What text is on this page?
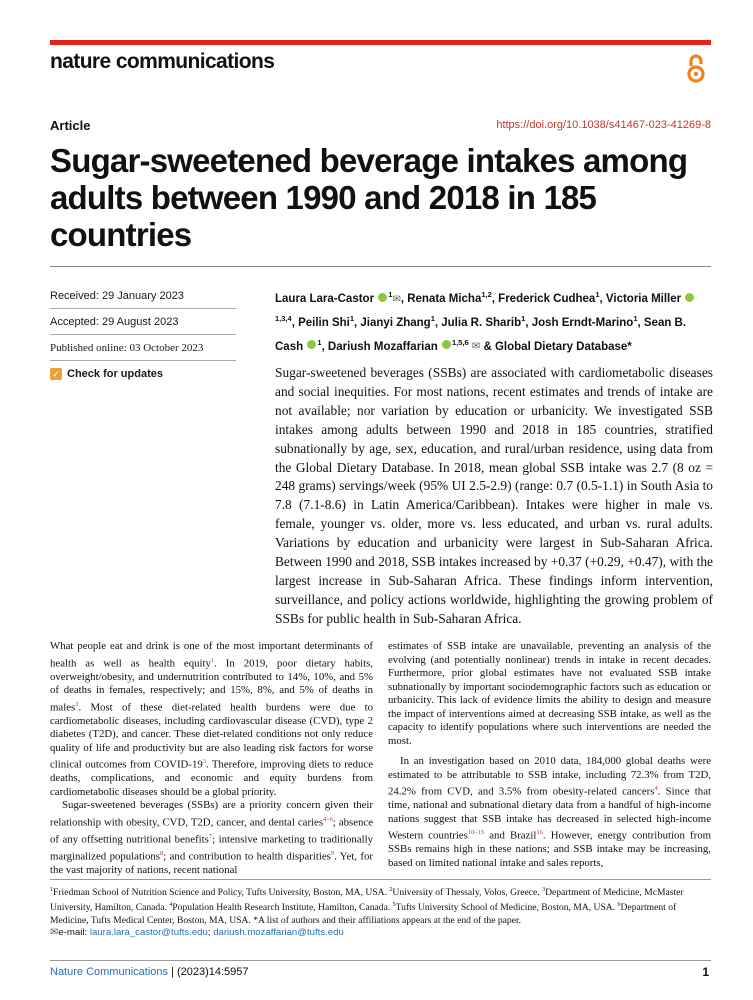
nature communications
Article	https://doi.org/10.1038/s41467-023-41269-8
Sugar-sweetened beverage intakes among adults between 1990 and 2018 in 185 countries
Received: 29 January 2023
Accepted: 29 August 2023
Published online: 03 October 2023
✓ Check for updates
Laura Lara-Castor $^1$✉, Renata Micha$^{1,2}$, Frederick Cudhea$^1$, Victoria Miller $^{1,3,4}$, Peilin Shi$^1$, Jianyi Zhang$^1$, Julia R. Sharib$^1$, Josh Erndt-Marino$^1$, Sean B. Cash $^1$, Dariush Mozaffarian $^{1,5,6}$ ✉ & Global Dietary Database*

Sugar-sweetened beverages (SSBs) are associated with cardiometabolic diseases and social inequities. For most nations, recent estimates and trends of intake are not available; nor variation by education or urbanicity. We investigated SSB intakes among adults between 1990 and 2018 in 185 countries, stratified subnationally by age, sex, education, and rural/urban residence, using data from the Global Dietary Database. In 2018, mean global SSB intake was 2.7 (8 oz = 248 grams) servings/week (95% UI 2.5-2.9) (range: 0.7 (0.5-1.1) in South Asia to 7.8 (7.1-8.6) in Latin America/Caribbean). Intakes were higher in male vs. female, younger vs. older, more vs. less educated, and urban vs. rural adults. Variations by education and urbanicity were largest in Sub-Saharan Africa. Between 1990 and 2018, SSB intakes increased by +0.37 (+0.29, +0.47), with the largest increase in Sub-Saharan Africa. These findings inform intervention, surveillance, and policy actions worldwide, highlighting the growing problem of SSBs for public health in Sub-Saharan Africa.

What people eat and drink is one of the most important determinants of health as well as health equity$^1$. In 2019, poor dietary habits, overweight/obesity, and undernutrition contributed to 14%, 10%, and 5% of deaths in females, respectively; and 15%, 8%, and 5% of deaths in males$^2$. Most of these diet-related health burdens were due to cardiometabolic diseases, including cardiovascular disease (CVD), type 2 diabetes (T2D), and cancer. These diet-related conditions not only reduce quality of life and productivity but are also leading risk factors for worse clinical outcomes from COVID-$19^3$. Therefore, improving diets to reduce deaths, complications, and economic and equity burdens from cardiometabolic diseases should be a global priority.

Sugar-sweetened beverages (SSBs) are a priority concern given their relationship with obesity, CVD, T2D, cancer, and dental caries$^{4-6}$; absence of any offsetting nutritional benefits$^7$; intensive marketing to traditionally marginalized populations$^8$; and contribution to health disparities$^9$. Yet, for the vast majority of nations, recent national

estimates of SSB intake are unavailable, preventing an analysis of the evolving (and potentially nonlinear) trends in intake in recent decades. Furthermore, prior global estimates have not evaluated SSB intake subnationally by important sociodemographic factors such as education or urbanicity. This lack of evidence limits the ability to design and measure the impact of interventions aimed at decreasing SSB intake, as well as the capacity to identify populations where such interventions are needed the most.

In an investigation based on 2010 data, 184,000 global deaths were estimated to be attributable to SSB intake, including 72.3% from T2D, 24.2% from CVD, and 3.5% from obesity-related cancers$^4$. Since that time, national and subnational dietary data from a handful of high-income nations suggest that SSB intake has decreased in selected high-income Western countries$^{10-15}$ and Brazil$^{16}$. However, energy contribution from SSBs remains high in these nations; and SSB intake may be increasing, based on limited national intake and sales reports,

$^1$Friedman School of Nutrition Science and Policy, Tufts University, Boston, MA, USA. $^2$University of Thessaly, Volos, Greece. $^3$Department of Medicine, McMaster University, Hamilton, Canada. $^4$Population Health Research Institute, Hamilton, Canada. $^5$Tufts University School of Medicine, Boston, MA, USA. $^6$Department of Medicine, Tufts Medical Center, Boston, MA, USA. *A list of authors and their affiliations appears at the end of the paper.
✉e-mail: laura.lara_castor@tufts.edu; dariush.mozaffarian@tufts.edu
Nature Communications | (2023)14:5957	1
